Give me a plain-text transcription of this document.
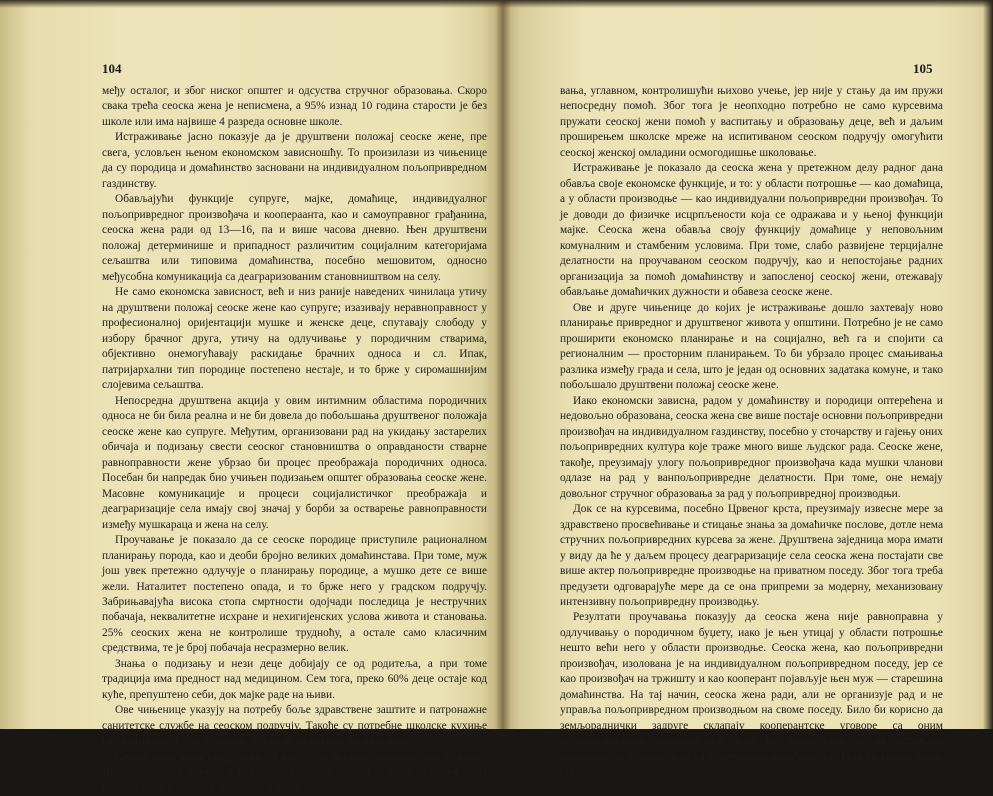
104

међу осталог, и због ниског општег и одсуства стручног образовања. Скоро свака трећа сеоска жена је неписмена, а 95% изнад 10 година старости је без школе или има највише 4 разреда основне школе.

Истраживање јасно показује да је друштвени положај сеоске жене, пре свега, условљен њеном економском зависношћу. То произилази из чињенице да су породица и домаћинство засновани на индивидуалном пољопривредном газдинству.

Обављајући функције супруге, мајке, домаћице, индивидуалног пољопривредног произвођача и коопераанта, као и самоуправног грађанина, сеоска жена ради од 13—16, па и више часова дневно. Њен друштвени положај детерминише и припадност различитим социјалним категоријама сељаштва или типовима домаћинства, посебно мешовитом, односно међусобна комуникација са деаграризованим становништвом на селу.

Не само економска зависност, већ и низ раније наведених чинилаца утичу на друштвени положај сеоске жене као супруге; изазивају неравноправност у професионалној оријентацији мушке и женске деце, спутавају слободу у избору брачног друга, утичу на одлучивање у породичним стварима, објективно онемогућавају раскидање брачних односа и сл. Ипак, патријархални тип породице постепено нестаје, и то брже у сиромашнијим слојевима сељаштва.

Непосредна друштвена акција у овим интимним областима породичних односа не би била реална и не би довела до побољшања друштвеног положаја сеоске жене као супруге. Међутим, организовани рад на укидању застарелих обичаја и подизању свести сеоског становништва о оправданости стварне равноправности жене убрзао би процес преображаја породичних односа. Посебан би напредак био учињен подизањем општег образовања сеоске жене. Масовне комуникације и процеси социјалистичког преображаја и деаграризације села имају свој значај у борби за остварење равноправности између мушкараца и жена на селу.

Проучавање је показало да се сеоске породице приступиле рационалном планирању порода, као и деоби бројно великих домаћинстава. При томе, муж још увек претежно одлучује о планирању породице, а мушко дете се више жели. Наталитет постепено опада, и то брже него у градском подручју. Забрињавајућа висока стопа смртности одојчади последица је нестручних побачаја, неквалитетне исхране и нехигијенских услова живота и становања. 25% сеоских жена не контролише трудноћу, а остале само класичним средствима, те је број побачаја несразмерно велик.

Знања о подизању и нези деце добијају се од родитеља, а при томе традиција има предност над медицином. Сем тога, преко 60% деце остаје код куће, препуштено себи, док мајке раде на њиви.

Ове чињенице указују на потребу боље здравствене заштите и патронажне санитетске службе на сеоском подручју. Такође су потребне школске кухиње на селима као и, бар сезонске, установе за дневни боравак деце.

Сеоске жене врше своју дужност васпитача неквалификовано, под утицајем традиционалних схватања и репродукујући властити положај. Сеоска жена помаже деци у процесу школовања и образо-

105

вања, углавном, контролишући њихово учење, јер није у стању да им пружи непосредну помоћ. Због тога је неопходно потребно не само курсевима пружати сеоској жени помоћ у васпитању и образовању деце, већ и даљим проширењем школске мреже на испитиваном сеоском подручју омогућити сеоској женској омладини осмогодишње школовање.

Истраживање је показало да сеоска жена у претежном делу радног дана обавља своје економске функције, и то: у области потрошње — као домаћица, а у области производње — као индивидуални пољопривредни произвођач. То је доводи до физичке исцрпљености која се одражава и у њеној функцији мајке. Сеоска жена обавља своју функцију домаћице у неповољним комуналним и стамбеним условима. При томе, слабо развијене терцијалне делатности на проучаваном сеоском подручју, као и непостојање радних организација за помоћ домаћинству и запосленој сеоској жени, отежавају обављање домаћичких дужности и обавеза сеоске жене.

Ове и друге чињенице до којих је истраживање дошло захтевају ново планирање привредног и друштвеног живота у општини. Потребно је не само проширити економско планирање и на социјално, већ га и спојити са регионалним — просторним планирањем. То би убрзало процес смањивања разлика између града и села, што је један од основних задатака комуне, и тако побољшало друштвени положај сеоске жене.

Иако економски зависна, радом у домаћинству и породици оптерећена и недовољно образована, сеоска жена све више постаје основни пољопривредни произвођач на индивидуалном газдинству, посебно у сточарству и гајењу оних пољопривредних култура које траже много више људског рада. Сеоске жене, такође, преузимају улогу пољопривредног произвођача када мушки чланови одлазе на рад у ванпољопривредне делатности. При томе, оне немају довољног стручног образовања за рад у пољопривредној производњи.

Док се на курсевима, посебно Црвеног крста, преузимају извесне мере за здравствено просвећивање и стицање знања за домаћичке послове, дотле нема стручних пољопривредних курсева за жене. Друштвена заједница мора имати у виду да ће у даљем процесу деаграризације села сеоска жена постајати све више актер пољопривредне производње на приватном поседу. Због тога треба предузети одговарајуће мере да се она припреми за модерну, механизовану интензивну пољопривредну производњу.

Резултати проучавања показују да сеоска жена није равноправна у одлучивању о породичном буџету, иако је њен утицај у области потрошње нешто већи него у области производње. Сеоска жена, као пољопривредни произвођач, изолована је на индивидуалном пољопривредном поседу, јер се као произвођач на тржишту и као кооперант појављује њен муж — старешина домаћинства. На тај начин, сеоска жена ради, али не организује рад и не управља пољопривредном производњом на своме поседу. Било би корисно да земљораднички задруге склапају кооперантске уговоре са оним пољопривредним произвођачем који не непосредно и да испуњава кооперантске обавезе, а не са старешином домаћинства. Тада би сеоска жена, сту-
